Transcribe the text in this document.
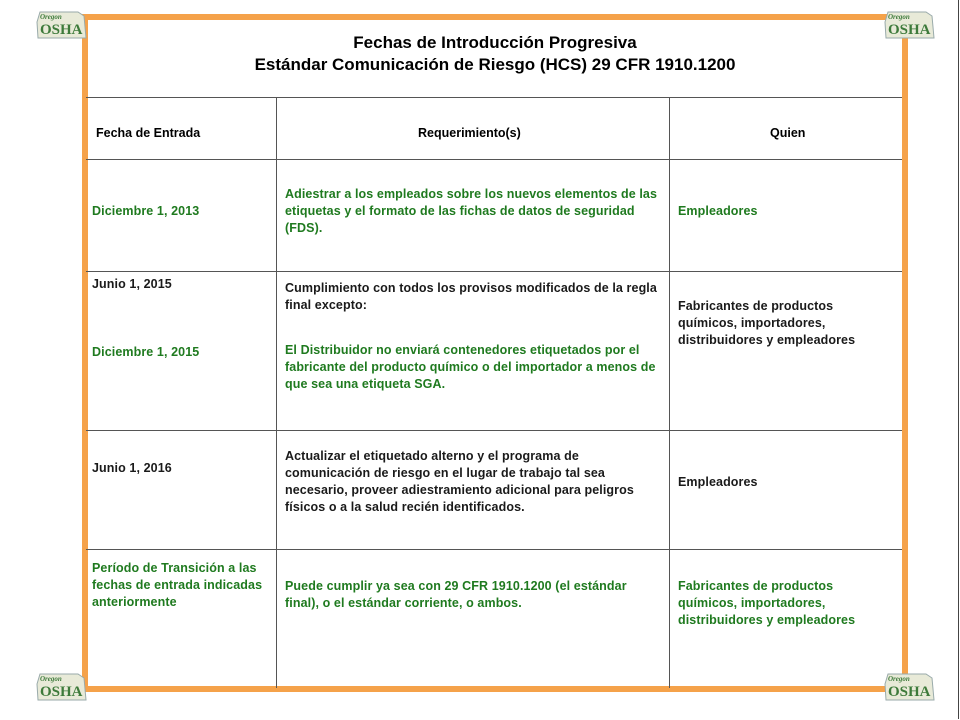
Oregon
OSHA
Oregon
OSHA
Oregon
OSHA
Oregon
OSHA
Fechas de Introducción Progresiva
Estándar Comunicación de Riesgo (HCS) 29 CFR 1910.1200
Fecha de Entrada	Requerimiento(s)	Quien
Diciembre 1, 2013
Adiestrar a los empleados sobre los nuevos elementos de las etiquetas y el formato de las fichas de datos de seguridad (FDS).
Empleadores
Junio 1, 2015
Diciembre 1, 2015
Cumplimiento con todos los provisos modificados de la regla final excepto:
El Distribuidor no enviará contenedores etiquetados por el fabricante del producto químico o del importador a menos de que sea una etiqueta SGA.
Fabricantes de productos químicos, importadores, distribuidores y empleadores
Junio 1, 2016
Actualizar el etiquetado alterno y el programa de comunicación de riesgo en el lugar de trabajo tal sea necesario, proveer adiestramiento adicional para peligros físicos o a la salud recién identificados.
Empleadores
Período de Transición a las fechas de entrada indicadas anteriormente
Puede cumplir ya sea con 29 CFR 1910.1200 (el estándar final), o el estándar corriente, o ambos.
Fabricantes de productos químicos, importadores, distribuidores y empleadores
